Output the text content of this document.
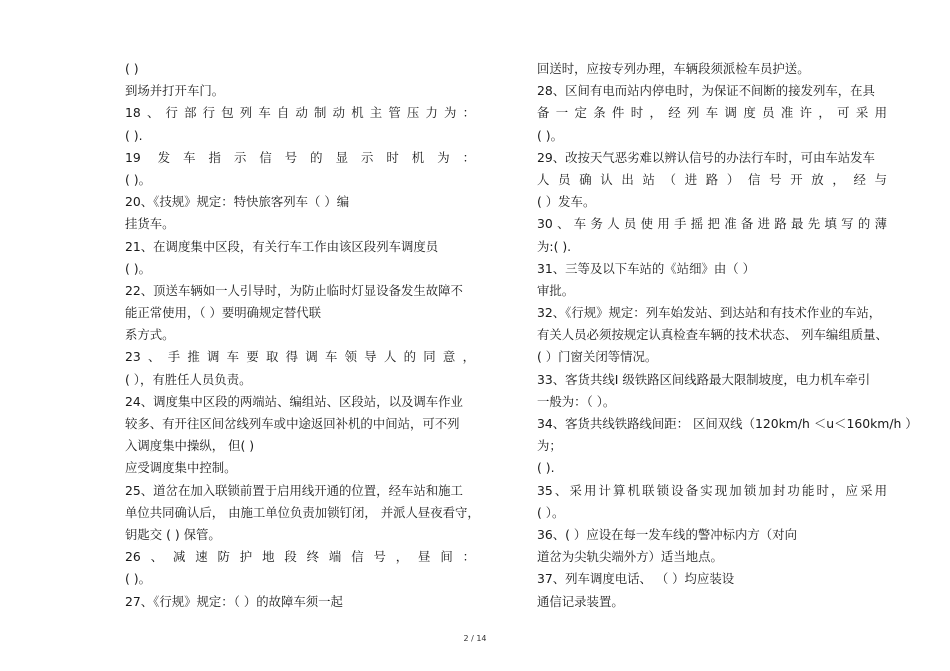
( )
到场并打开车门。
18、行部行包列车自动制动机主管压力为：
( ).
19 发车指示信号的显示时机为：
( )。
20、《技规》规定：特快旅客列车（ ）编
挂货车。
21、在调度集中区段，有关行车工作由该区段列车调度员
( )。
22、顶送车辆如一人引导时，为防止临时灯显设备发生故障不
能正常使用，（ ）要明确规定替代联
系方式。
23、手推调车要取得调车领导人的同意，
( ），有胜任人员负责。
24、调度集中区段的两端站、编组站、区段站，以及调车作业
较多、有开往区间岔线列车或中途返回补机的中间站，可不列
入调度集中操纵， 但( )
应受调度集中控制。
25、道岔在加入联锁前置于启用线开通的位置，经车站和施工
单位共同确认后， 由施工单位负责加锁钉闭， 并派人昼夜看守，
钥匙交 ( ) 保管。
26、减速防护地段终端信号，昼间：
( )。
27、《行规》规定：（ ）的故障车须一起
回送时，应按专列办理，车辆段须派检车员护送。
28、区间有电而站内停电时，为保证不间断的接发列车，在具
备一定条件时，经列车调度员准许，可采用
( )。
29、改按天气恶劣难以辨认信号的办法行车时，可由车站发车
人员确认出站（进路）信号开放，经与
( ）发车。
30、车务人员使用手摇把准备进路最先填写的薄
为:( ).
31、三等及以下车站的《站细》由（ ）
审批。
32、《行规》规定：列车始发站、到达站和有技术作业的车站，
有关人员必须按规定认真检查车辆的技术状态、 列车编组质量、
( ）门窗关闭等情况。
33、客货共线Ⅰ 级铁路区间线路最大限制坡度，电力机车牵引
一般为：（ ）。
34、客货共线铁路线间距： 区间双线（120km/h ＜u＜160km/h ）
为；
( ).
35、采用计算机联锁设备实现加锁加封功能时，应采用
( ）。
36、( ）应设在每一发车线的警冲标内方（对向
道岔为尖轨尖端外方）适当地点。
37、列车调度电话、 （ ）均应装设
通信记录装置。
2 / 14
